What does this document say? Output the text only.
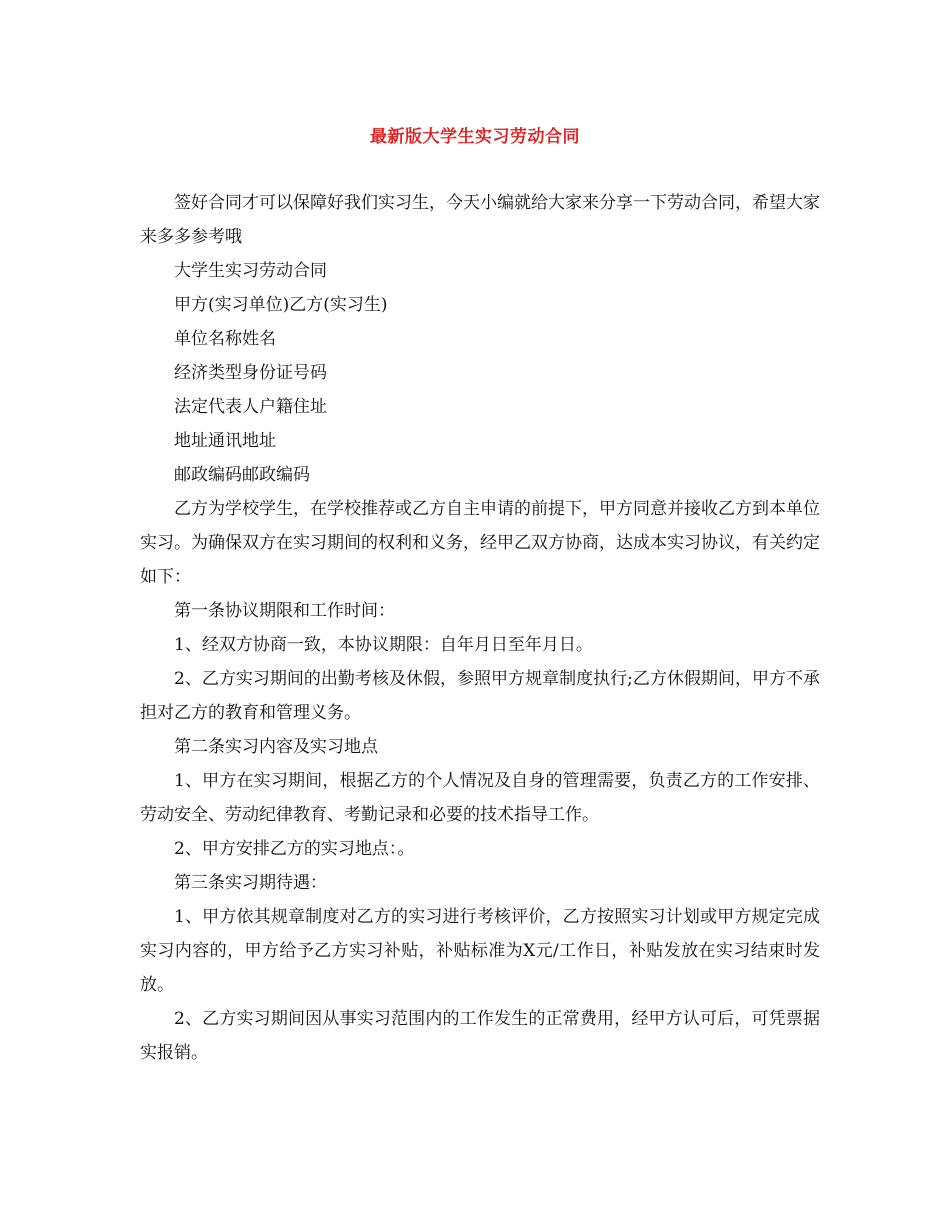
最新版大学生实习劳动合同

签好合同才可以保障好我们实习生，今天小编就给大家来分享一下劳动合同，希望大家来多多参考哦

大学生实习劳动合同

甲方(实习单位)乙方(实习生)

单位名称姓名

经济类型身份证号码

法定代表人户籍住址

地址通讯地址

邮政编码邮政编码

乙方为学校学生，在学校推荐或乙方自主申请的前提下，甲方同意并接收乙方到本单位实习。为确保双方在实习期间的权利和义务，经甲乙双方协商，达成本实习协议，有关约定如下：

第一条协议期限和工作时间：

1、经双方协商一致，本协议期限：自年月日至年月日。

2、乙方实习期间的出勤考核及休假，参照甲方规章制度执行;乙方休假期间，甲方不承担对乙方的教育和管理义务。

第二条实习内容及实习地点

1、甲方在实习期间，根据乙方的个人情况及自身的管理需要，负责乙方的工作安排、劳动安全、劳动纪律教育、考勤记录和必要的技术指导工作。

2、甲方安排乙方的实习地点：。

第三条实习期待遇：

1、甲方依其规章制度对乙方的实习进行考核评价，乙方按照实习计划或甲方规定完成实习内容的，甲方给予乙方实习补贴，补贴标准为X元/工作日，补贴发放在实习结束时发放。

2、乙方实习期间因从事实习范围内的工作发生的正常费用，经甲方认可后，可凭票据实报销。
